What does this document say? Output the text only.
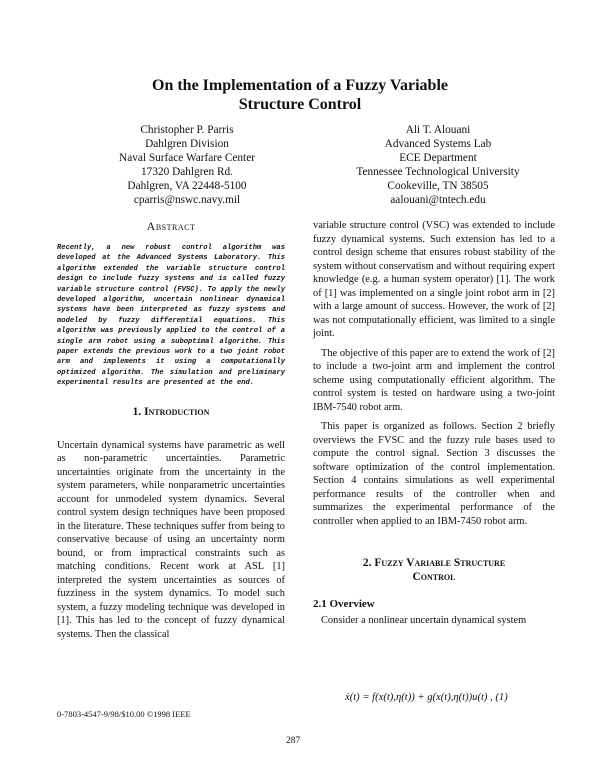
On the Implementation of a Fuzzy Variable
Structure Control
Christopher P. Parris
Dahlgren Division
Naval Surface Warfare Center
17320 Dahlgren Rd.
Dahlgren, VA 22448-5100
cparris@nswc.navy.mil
Ali T. Alouani
Advanced Systems Lab
ECE Department
Tennessee Technological University
Cookeville, TN 38505
aalouani@tntech.edu
Abstract

Recently, a new robust control algorithm was developed at the Advanced Systems Laboratory. This algorithm extended the variable structure control design to include fuzzy systems and is called fuzzy variable structure control (FVSC). To apply the newly developed algorithm, uncertain nonlinear dynamical systems have been interpreted as fuzzy systems and modeled by fuzzy differential equations. This algorithm was previously applied to the control of a single arm robot using a suboptimal algorithm. This paper extends the previous work to a two joint robot arm and implements it using a computationally optimized algorithm. The simulation and preliminary experimental results are presented at the end.

1. Introduction

Uncertain dynamical systems have parametric as well as non-parametric uncertainties. Parametric uncertainties originate from the uncertainty in the system parameters, while nonparametric uncertainties account for unmodeled system dynamics. Several control system design techniques have been proposed in the literature. These techniques suffer from being to conservative because of using an uncertainty norm bound, or from impractical constraints such as matching conditions. Recent work at ASL [1] interpreted the system uncertainties as sources of fuzziness in the system dynamics. To model such system, a fuzzy modeling technique was developed in [1]. This has led to the concept of fuzzy dynamical systems. Then the classical

variable structure control (VSC) was extended to include fuzzy dynamical systems. Such extension has led to a control design scheme that ensures robust stability of the system without conservatism and without requiring expert knowledge (e.g. a human system operator) [1]. The work of [1] was implemented on a single joint robot arm in [2] with a large amount of success. However, the work of [2] was not computationally efficient, was limited to a single joint.

The objective of this paper are to extend the work of [2] to include a two-joint arm and implement the control scheme using computationally efficient algorithm. The control system is tested on hardware using a two-joint IBM-7540 robot arm.

This paper is organized as follows. Section 2 briefly overviews the FVSC and the fuzzy rule bases used to compute the control signal. Section 3 discusses the software optimization of the control implementation. Section 4 contains simulations as well experimental performance results of the controller when and summarizes the experimental performance of the controller when applied to an IBM-7450 robot arm.

2. Fuzzy Variable Structure
Control
2.1 Overview

Consider a nonlinear uncertain dynamical system

ẋ(t) = f(x(t),η(t)) + g(x(t),η(t))u(t) , (1)
0-7803-4547-9/98/$10.00 ©1998 IEEE
287
